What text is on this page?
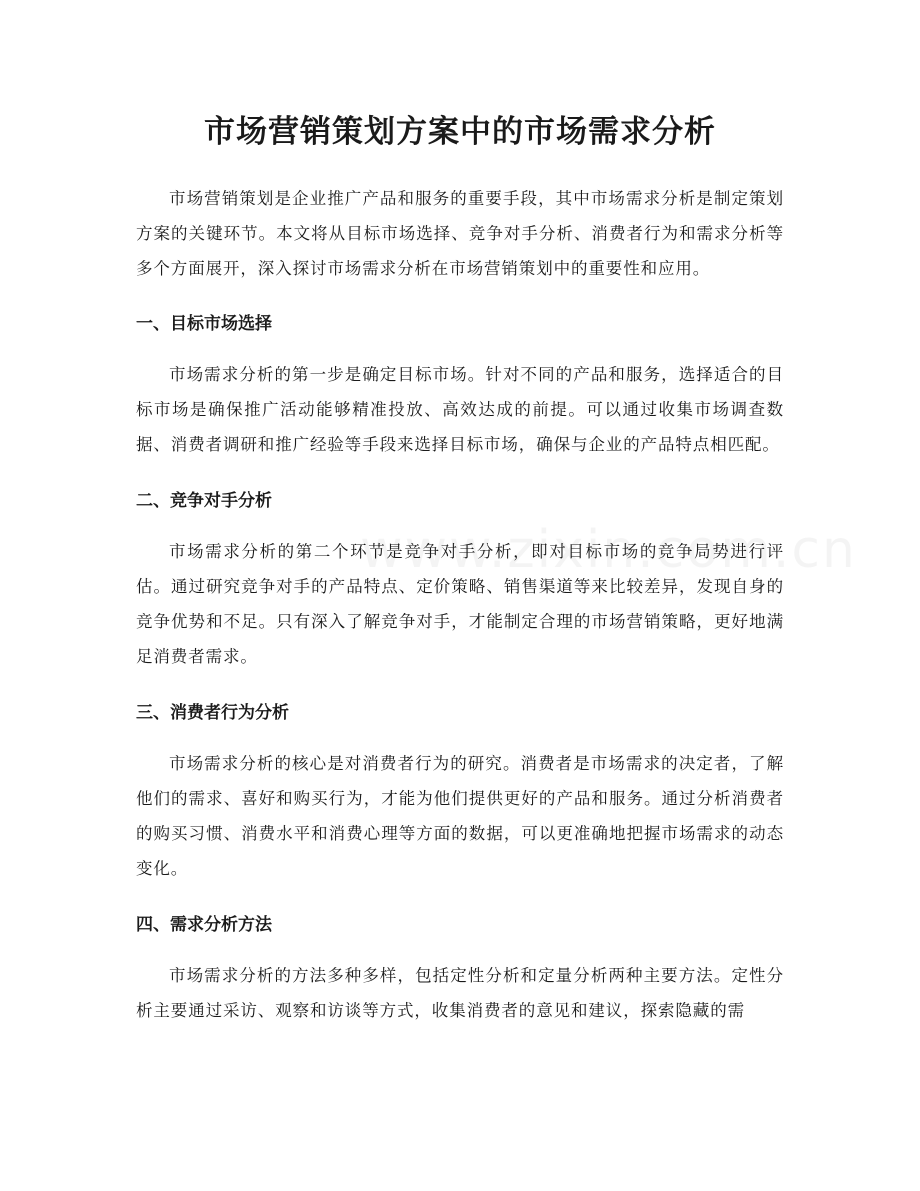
市场营销策划方案中的市场需求分析

市场营销策划是企业推广产品和服务的重要手段，其中市场需求分析是制定策划方案的关键环节。本文将从目标市场选择、竞争对手分析、消费者行为和需求分析等多个方面展开，深入探讨市场需求分析在市场营销策划中的重要性和应用。

一、目标市场选择

市场需求分析的第一步是确定目标市场。针对不同的产品和服务，选择适合的目标市场是确保推广活动能够精准投放、高效达成的前提。可以通过收集市场调查数据、消费者调研和推广经验等手段来选择目标市场，确保与企业的产品特点相匹配。

二、竞争对手分析

市场需求分析的第二个环节是竞争对手分析，即对目标市场的竞争局势进行评估。通过研究竞争对手的产品特点、定价策略、销售渠道等来比较差异，发现自身的竞争优势和不足。只有深入了解竞争对手，才能制定合理的市场营销策略，更好地满足消费者需求。

三、消费者行为分析

市场需求分析的核心是对消费者行为的研究。消费者是市场需求的决定者，了解他们的需求、喜好和购买行为，才能为他们提供更好的产品和服务。通过分析消费者的购买习惯、消费水平和消费心理等方面的数据，可以更准确地把握市场需求的动态变化。

四、需求分析方法

市场需求分析的方法多种多样，包括定性分析和定量分析两种主要方法。定性分析主要通过采访、观察和访谈等方式，收集消费者的意见和建议，探索隐藏的需
